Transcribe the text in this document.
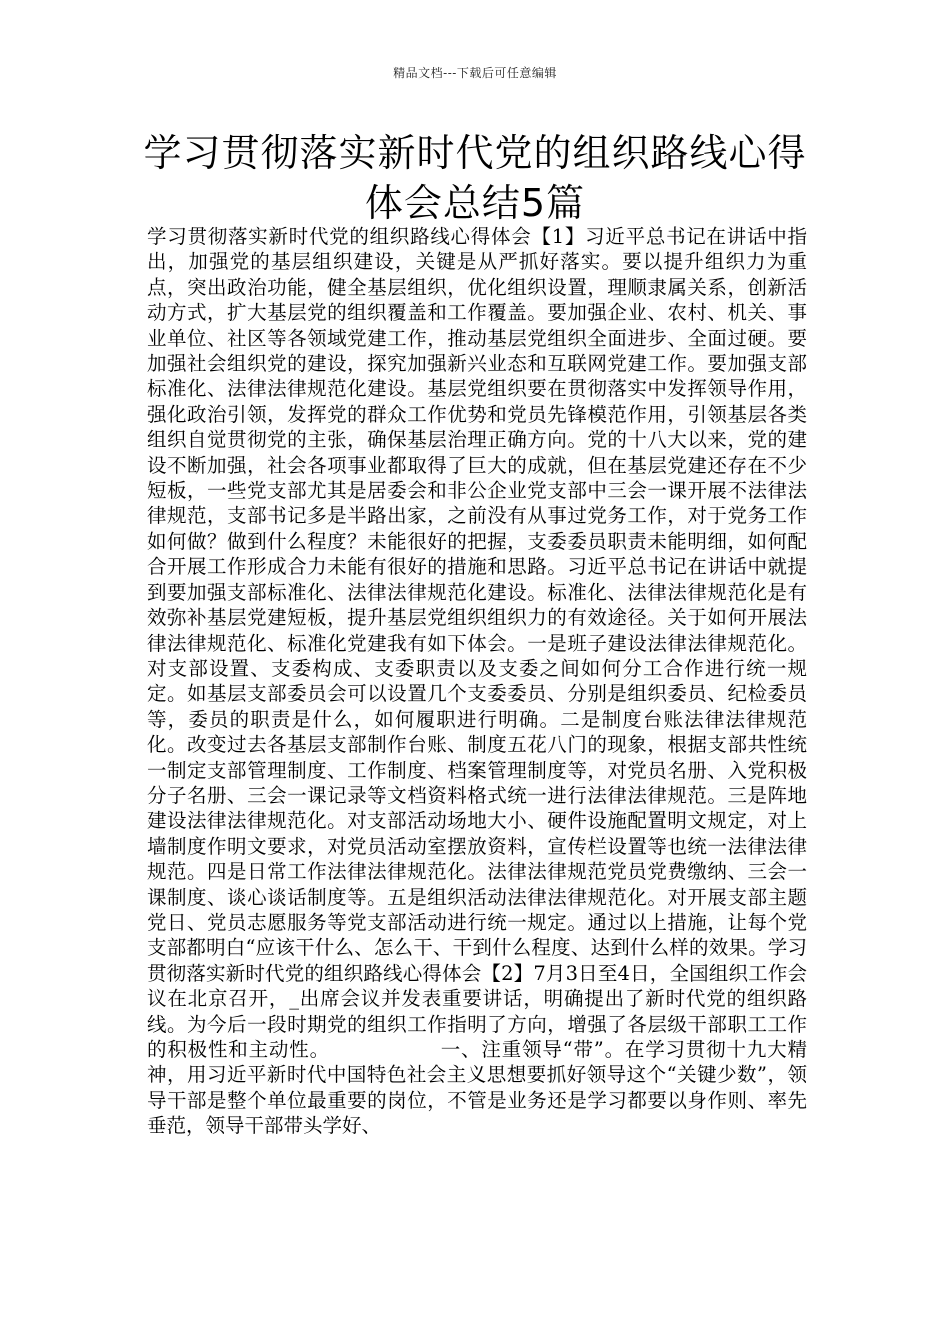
精品文档---下载后可任意编辑
学习贯彻落实新时代党的组织路线心得
体会总结5篇

学习贯彻落实新时代党的组织路线心得体会【1】习近平总书记在讲话中指出，加强党的基层组织建设，关键是从严抓好落实。要以提升组织力为重点，突出政治功能，健全基层组织，优化组织设置，理顺隶属关系，创新活动方式，扩大基层党的组织覆盖和工作覆盖。要加强企业、农村、机关、事业单位、社区等各领域党建工作，推动基层党组织全面进步、全面过硬。要加强社会组织党的建设，探究加强新兴业态和互联网党建工作。要加强支部标准化、法律法律规范化建设。基层党组织要在贯彻落实中发挥领导作用，强化政治引领，发挥党的群众工作优势和党员先锋模范作用，引领基层各类组织自觉贯彻党的主张，确保基层治理正确方向。党的十八大以来，党的建设不断加强，社会各项事业都取得了巨大的成就，但在基层党建还存在不少短板，一些党支部尤其是居委会和非公企业党支部中三会一课开展不法律法律规范，支部书记多是半路出家，之前没有从事过党务工作，对于党务工作如何做？做到什么程度？未能很好的把握，支委委员职责未能明细，如何配合开展工作形成合力未能有很好的措施和思路。习近平总书记在讲话中就提到要加强支部标准化、法律法律规范化建设。标准化、法律法律规范化是有效弥补基层党建短板，提升基层党组织组织力的有效途径。关于如何开展法律法律规范化、标准化党建我有如下体会。一是班子建设法律法律规范化。对支部设置、支委构成、支委职责以及支委之间如何分工合作进行统一规定。如基层支部委员会可以设置几个支委委员、分别是组织委员、纪检委员等，委员的职责是什么，如何履职进行明确。二是制度台账法律法律规范化。改变过去各基层支部制作台账、制度五花八门的现象，根据支部共性统一制定支部管理制度、工作制度、档案管理制度等，对党员名册、入党积极分子名册、三会一课记录等文档资料格式统一进行法律法律规范。三是阵地建设法律法律规范化。对支部活动场地大小、硬件设施配置明文规定，对上墙制度作明文要求，对党员活动室摆放资料，宣传栏设置等也统一法律法律规范。四是日常工作法律法律规范化。法律法律规范党员党费缴纳、三会一课制度、谈心谈话制度等。五是组织活动法律法律规范化。对开展支部主题党日、党员志愿服务等党支部活动进行统一规定。通过以上措施，让每个党支部都明白“应该干什么、怎么干、干到什么程度、达到什么样的效果。学习贯彻落实新时代党的组织路线心得体会【2】7月3日至4日，全国组织工作会议在北京召开，_出席会议并发表重要讲话，明确提出了新时代党的组织路线。为今后一段时期党的组织工作指明了方向，增强了各层级干部职工工作的积极性和主动性。	一、注重领导“带”。在学习贯彻十九大精神，用习近平新时代中国特色社会主义思想要抓好领导这个“关键少数”，领导干部是整个单位最重要的岗位，不管是业务还是学习都要以身作则、率先垂范，领导干部带头学好、
